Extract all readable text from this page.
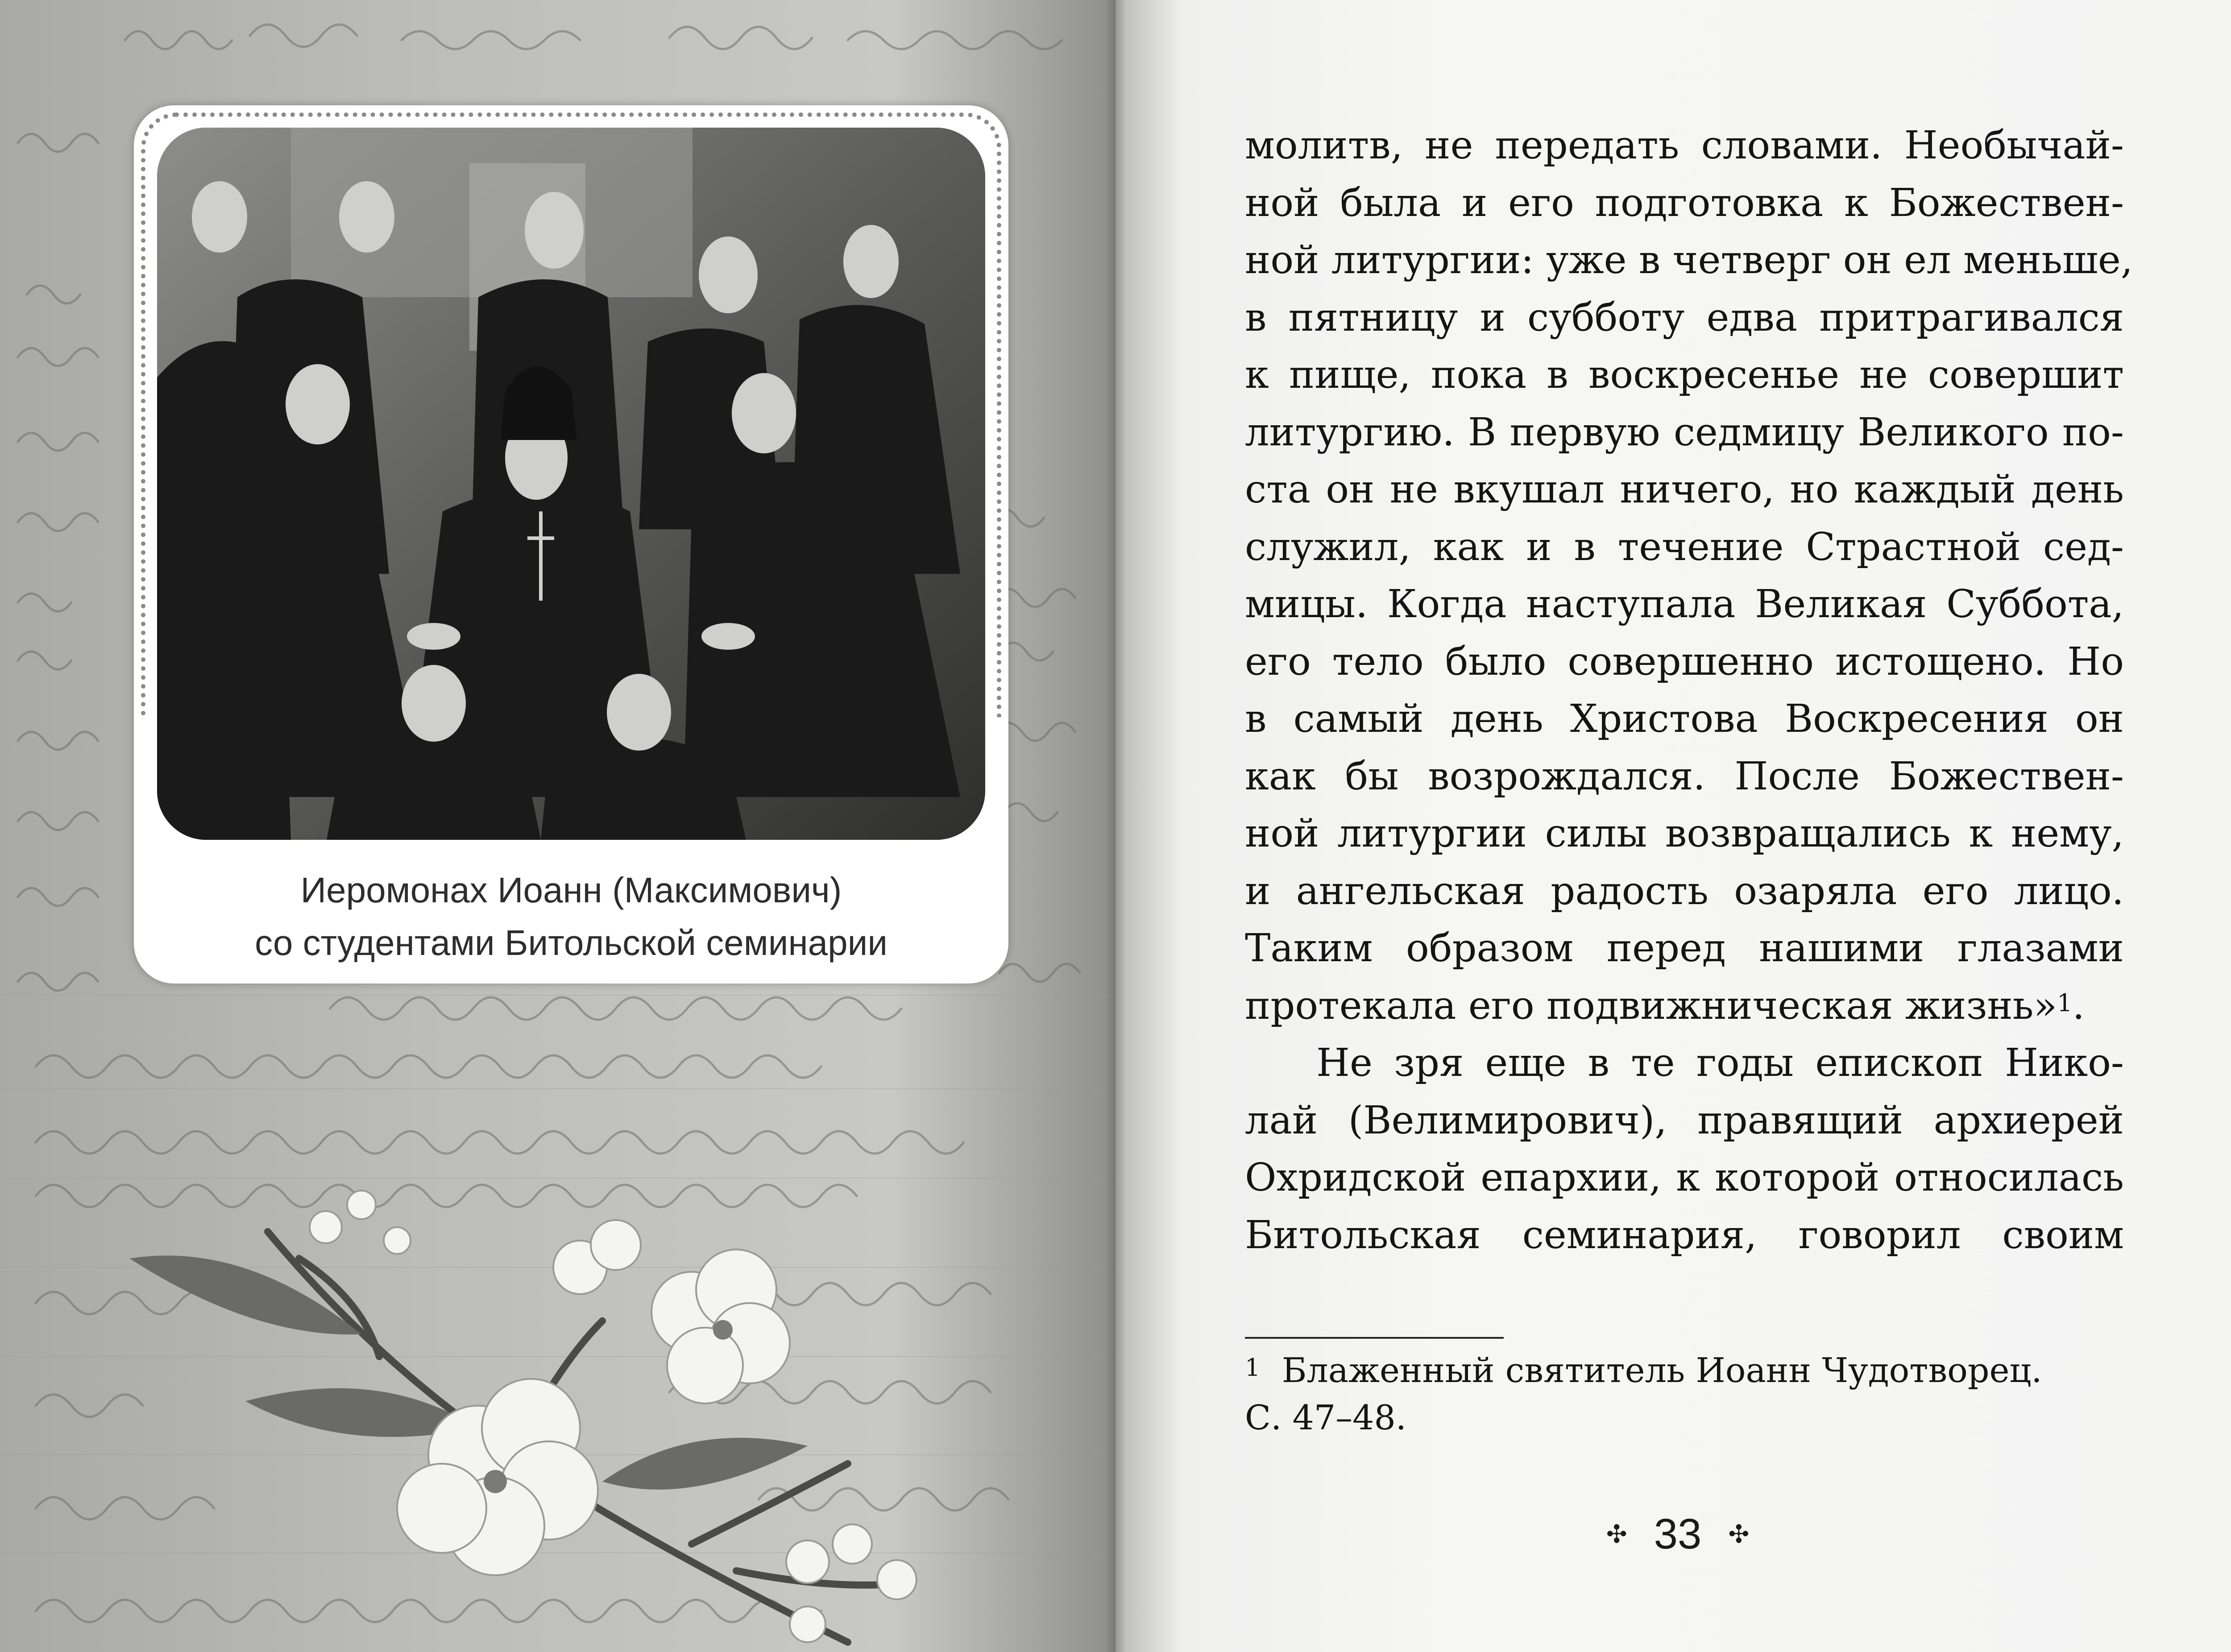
Иеромонах Иоанн (Максимович)
со студентами Битольской семинарии
молитв, не передать словами. Необычай-
ной была и его подготовка к Божествен-
ной литургии: уже в четверг он ел меньше,
в пятницу и субботу едва притрагивался
к пище, пока в воскресенье не совершит
литургию. В первую седмицу Великого по-
ста он не вкушал ничего, но каждый день
служил, как и в течение Страстной сед-
мицы. Когда наступала Великая Суббота,
его тело было совершенно истощено. Но
в самый день Христова Воскресения он
как бы возрождался. После Божествен-
ной литургии силы возвращались к нему,
и ангельская радость озаряла его лицо.
Таким образом перед нашими глазами
протекала его подвижническая жизнь»$^1$.
Не зря еще в те годы епископ Нико-
лай (Велимирович), правящий архиерей
Охридской епархии, к которой относилась
Битольская семинария, говорил своим
$^1$ Блаженный святитель Иоанн Чудотворец.
С. 47–48.
✣ 33 ✣
